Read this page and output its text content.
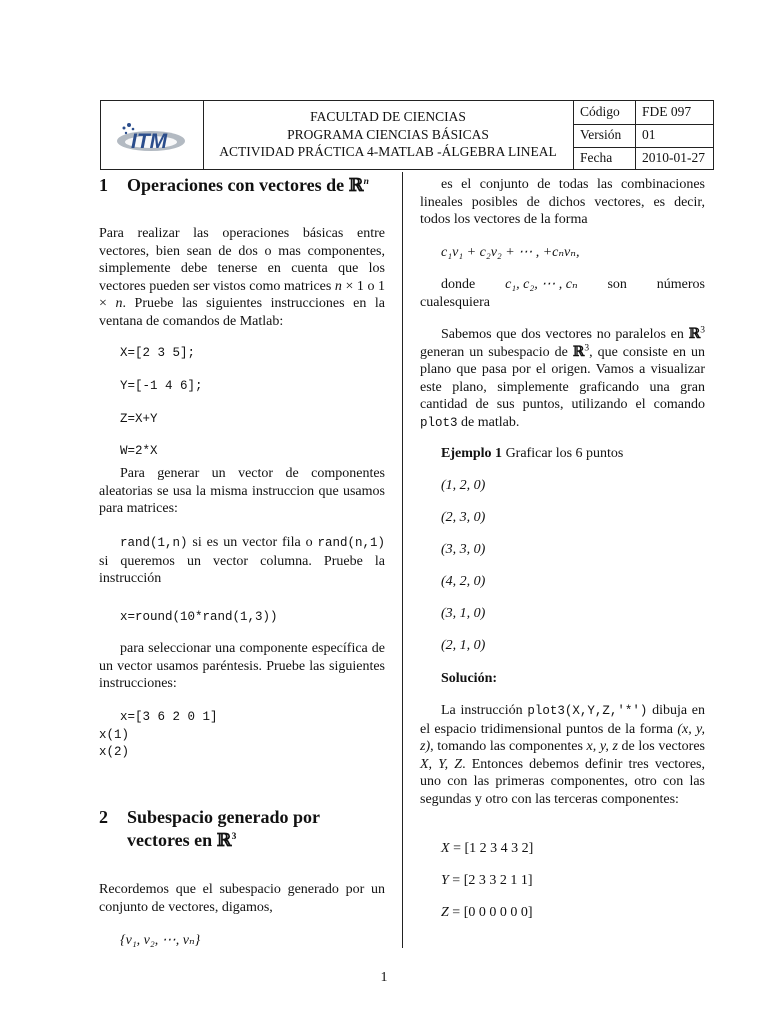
ITM
FACULTAD DE CIENCIAS
PROGRAMA CIENCIAS BÁSICAS
ACTIVIDAD PRÁCTICA 4-MATLAB -ÁLGEBRA LINEAL
Código	FDE 097
Versión	01
Fecha	2010-01-27
1 Operaciones con vectores de ℝ$^n$

Para realizar las operaciones básicas entre vectores, bien sean de dos o mas componentes, simplemente debe tenerse en cuenta que los vectores pueden ser vistos como matrices n × 1 o 1 × n. Pruebe las siguientes instrucciones en la ventana de comandos de Matlab:

X=[2 3 5];
Y=[-1 4 6];
Z=X+Y
W=2*X

Para generar un vector de componentes aleatorias se usa la misma instruccion que usamos para matrices:

rand(1,n) si es un vector fila o rand(n,1) si queremos un vector columna. Pruebe la instrucción

x=round(10*rand(1,3))

para seleccionar una componente específica de un vector usamos paréntesis. Pruebe las siguientes instrucciones:

x=[3 6 2 0 1]
x(1)
x(2)
2 Subespacio generado por
vectores en ℝ$^3$

Recordemos que el subespacio generado por un conjunto de vectores, digamos,

{v₁, v₂, ⋯, vₙ}

es el conjunto de todas las combinaciones lineales posibles de dichos vectores, es decir, todos los vectores de la forma

c₁v₁ + c₂v₂ + ⋯ , +cₙvₙ,
donde c₁, c₂, ⋯ , cₙ son números
cualesquiera

Sabemos que dos vectores no paralelos en ℝ$^3$ generan un subespacio de ℝ$^3$, que consiste en un plano que pasa por el origen. Vamos a visualizar este plano, simplemente graficando una gran cantidad de sus puntos, utilizando el comando plot3 de matlab.

Ejemplo 1 Graficar los 6 puntos
(1, 2, 0)
(2, 3, 0)
(3, 3, 0)
(4, 2, 0)
(3, 1, 0)
(2, 1, 0)
Solución:

La instrucción plot3(X,Y,Z,'*') dibuja en el espacio tridimensional puntos de la forma (x, y, z), tomando las componentes x, y, z de los vectores X, Y, Z. Entonces debemos definir tres vectores, uno con las primeras componentes, otro con las segundas y otro con las terceras componentes:

X = [1 2 3 4 3 2]
Y = [2 3 3 2 1 1]
Z = [0 0 0 0 0 0]
1
